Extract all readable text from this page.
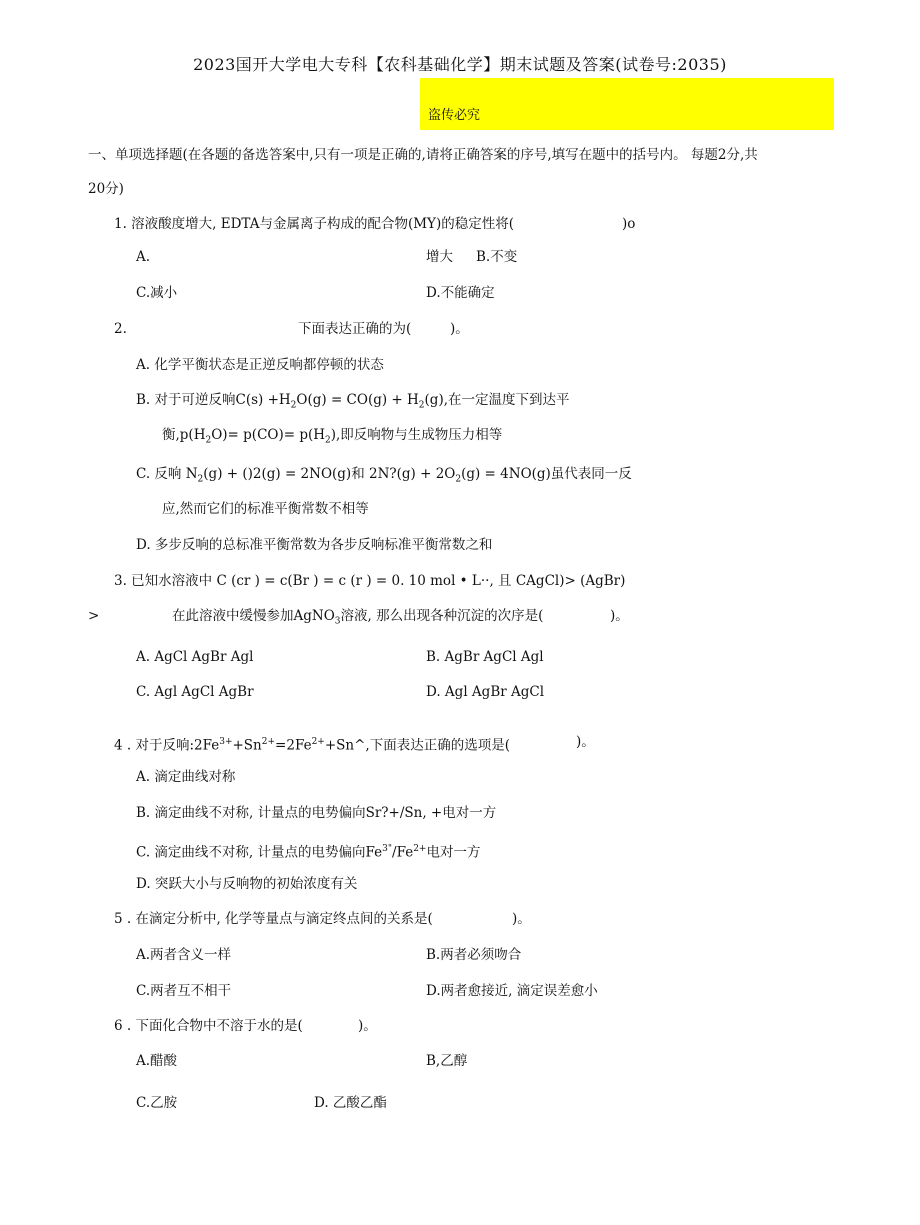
2023国开大学电大专科【农科基础化学】期末试题及答案(试卷号:2035)
盗传必究
一、单项选择题(在各题的备选答案中,只有一项是正确的,请将正确答案的序号,填写在题中的括号内。 每题2分,共
20分)
1. 溶液酸度增大, EDTA与金属离子构成的配合物(MY)的稳定性将(	)o
A.	增大 B.不变
C.减小	D.不能确定
2.	下面表达正确的为(	)。
A. 化学平衡状态是正逆反响都停顿的状态
B. 对于可逆反响$C(s) +H_2O(g) = CO(g) + H_2(g)$,在一定温度下到达平
衡$,p(H_2O)= p(CO)= p(H_2)$,即反响物与生成物压力相等
C. 反响 $N_2(g) + ()2(g) = 2NO(g)$和 2N?(g) + $2O_2(g) = 4NO(g)$虽代表同一反
应,然而它们的标准平衡常数不相等
D. 多步反响的总标准平衡常数为各步反响标准平衡常数之和
3. 已知水溶液中 C (cr ) = c(Br ) = c (r ) = 0. 10 mol • L··, 且 CAgCl)> (AgBr)
>	在此溶液中缓慢参加AgNO$_3$溶液, 那么出现各种沉淀的次序是(	)。
A. AgCl AgBr Agl	B. AgBr AgCl Agl
C. Agl AgCl AgBr	D. Agl AgBr AgCl
4 . 对于反响$:2Fe^{3+}+Sn^{2+}=2Fe^{2+}+Sn\^{}$,下面表达正确的选项是(	)。
A. 滴定曲线对称
B. 滴定曲线不对称, 计量点的电势偏向Sr?+/Sn, +电对一方
C. 滴定曲线不对称, 计量点的电势偏向$Fe^{3"}/Fe^{2+}$电对一方
D. 突跃大小与反响物的初始浓度有关
5 . 在滴定分析中, 化学等量点与滴定终点间的关系是(	)。
A.两者含义一样	B.两者必须吻合
C.两者互不相干	D.两者愈接近, 滴定误差愈小
6 . 下面化合物中不溶于水的是(	)。
A.醋酸	B,乙醇
C.乙胺	D. 乙酸乙酯
